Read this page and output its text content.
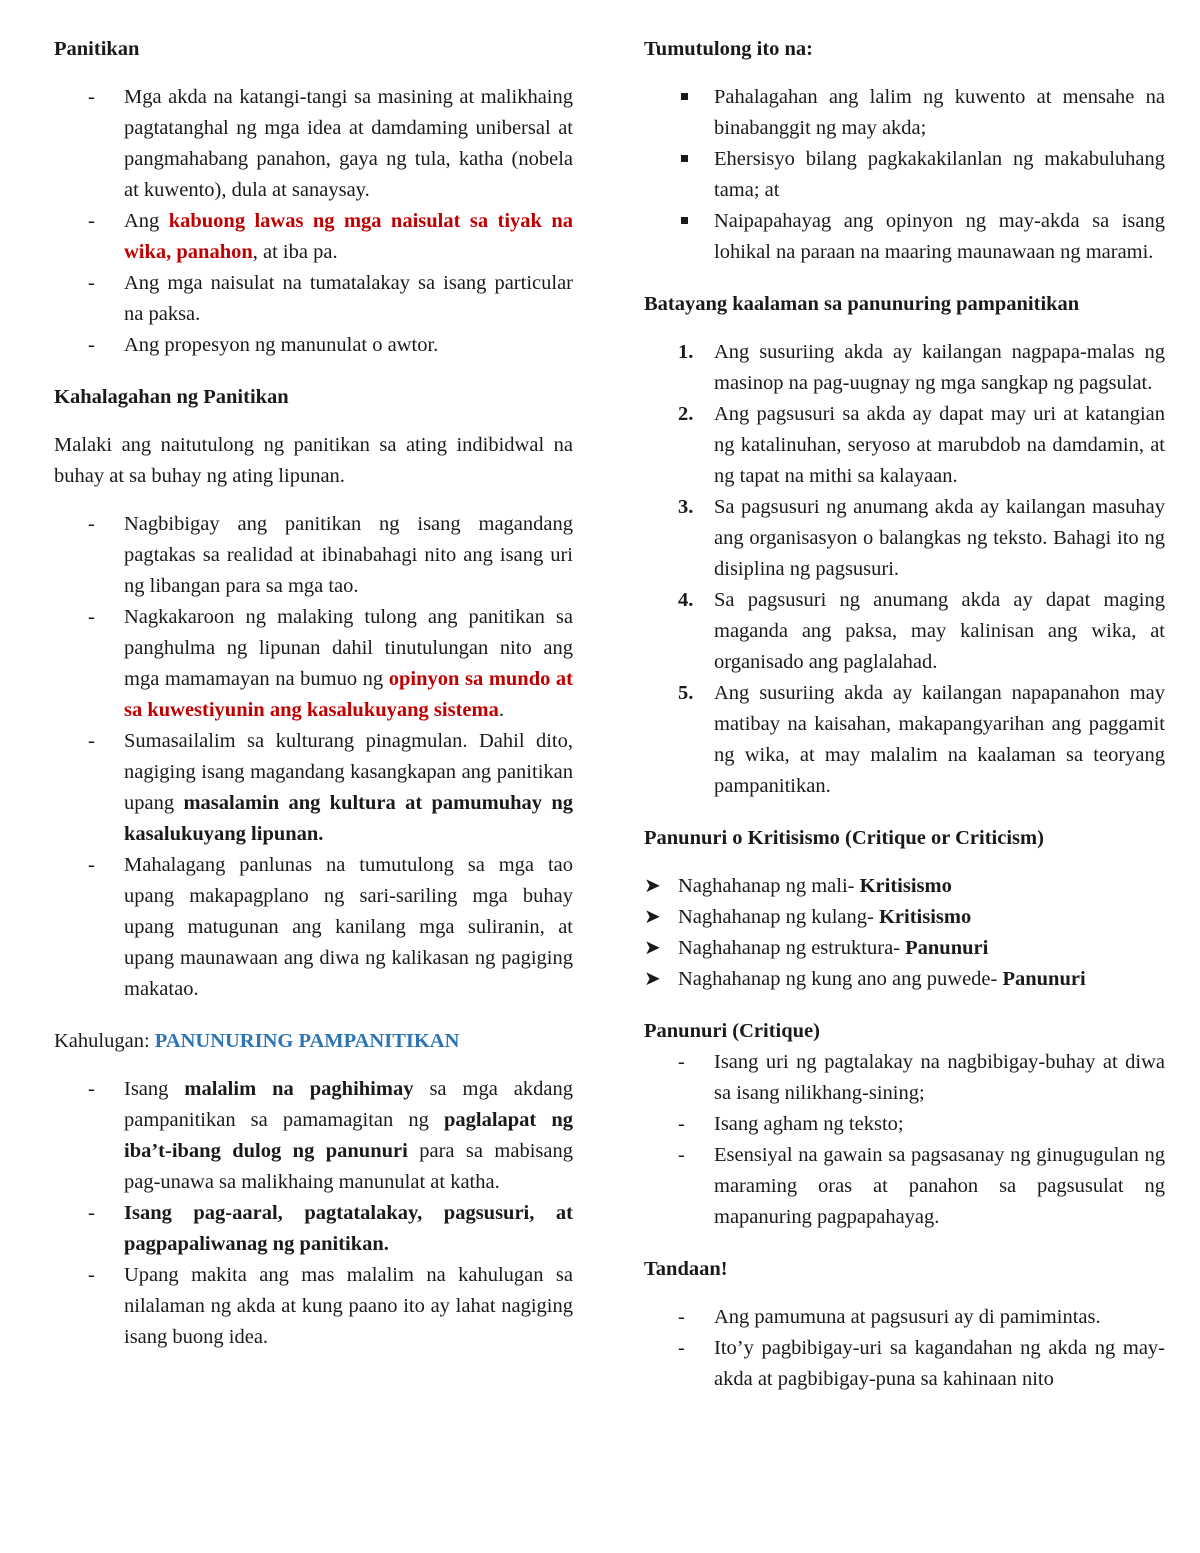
Panitikan
- Mga akda na katangi-tangi sa masining at malikhaing pagtatanghal ng mga idea at damdaming unibersal at pangmahabang panahon, gaya ng tula, katha (nobela at kuwento), dula at sanaysay.
- Ang kabuong lawas ng mga naisulat sa tiyak na wika, panahon, at iba pa.
- Ang mga naisulat na tumatalakay sa isang particular na paksa.
- Ang propesyon ng manunulat o awtor.
Kahalagahan ng Panitikan

Malaki ang naitutulong ng panitikan sa ating indibidwal na buhay at sa buhay ng ating lipunan.

- Nagbibigay ang panitikan ng isang magandang pagtakas sa realidad at ibinabahagi nito ang isang uri ng libangan para sa mga tao.
- Nagkakaroon ng malaking tulong ang panitikan sa panghulma ng lipunan dahil tinutulungan nito ang mga mamamayan na bumuo ng opinyon sa mundo at sa kuwestiyunin ang kasalukuyang sistema.
- Sumasailalim sa kulturang pinagmulan. Dahil dito, nagiging isang magandang kasangkapan ang panitikan upang masalamin ang kultura at pamumuhay ng kasalukuyang lipunan.
- Mahalagang panlunas na tumutulong sa mga tao upang makapagplano ng sari-sariling mga buhay upang matugunan ang kanilang mga suliranin, at upang maunawaan ang diwa ng kalikasan ng pagiging makatao.

Kahulugan: PANUNURING PAMPANITIKAN

- Isang malalim na paghihimay sa mga akdang pampanitikan sa pamamagitan ng paglalapat ng iba’t-ibang dulog ng panunuri para sa mabisang pag-unawa sa malikhaing manunulat at katha.
- Isang pag-aaral, pagtatalakay, pagsusuri, at pagpapaliwanag ng panitikan.
- Upang makita ang mas malalim na kahulugan sa nilalaman ng akda at kung paano ito ay lahat nagiging isang buong idea.
Tumutulong ito na:
Pahalagahan ang lalim ng kuwento at mensahe na binabanggit ng may akda;
Ehersisyo bilang pagkakakilanlan ng makabuluhang tama; at
Naipapahayag ang opinyon ng may-akda sa isang lohikal na paraan na maaring maunawaan ng marami.
Batayang kaalaman sa panunuring pampanitikan
1. Ang susuriing akda ay kailangan nagpapa-malas ng masinop na pag-uugnay ng mga sangkap ng pagsulat.
2. Ang pagsusuri sa akda ay dapat may uri at katangian ng katalinuhan, seryoso at marubdob na damdamin, at ng tapat na mithi sa kalayaan.
3. Sa pagsusuri ng anumang akda ay kailangan masuhay ang organisasyon o balangkas ng teksto. Bahagi ito ng disiplina ng pagsusuri.
4. Sa pagsusuri ng anumang akda ay dapat maging maganda ang paksa, may kalinisan ang wika, at organisado ang paglalahad.
5. Ang susuriing akda ay kailangan napapanahon may matibay na kaisahan, makapangyarihan ang paggamit ng wika, at may malalim na kaalaman sa teoryang pampanitikan.
Panunuri o Kritisismo (Critique or Criticism)
➤ Naghahanap ng mali- Kritisismo
➤ Naghahanap ng kulang- Kritisismo
➤ Naghahanap ng estruktura- Panunuri
➤ Naghahanap ng kung ano ang puwede- Panunuri
Panunuri (Critique)
- Isang uri ng pagtalakay na nagbibigay-buhay at diwa sa isang nilikhang-sining;
- Isang agham ng teksto;
- Esensiyal na gawain sa pagsasanay ng ginugugulan ng maraming oras at panahon sa pagsusulat ng mapanuring pagpapahayag.
Tandaan!
- Ang pamumuna at pagsusuri ay di pamimintas.
- Ito’y pagbibigay-uri sa kagandahan ng akda ng may-akda at pagbibigay-puna sa kahinaan nito
